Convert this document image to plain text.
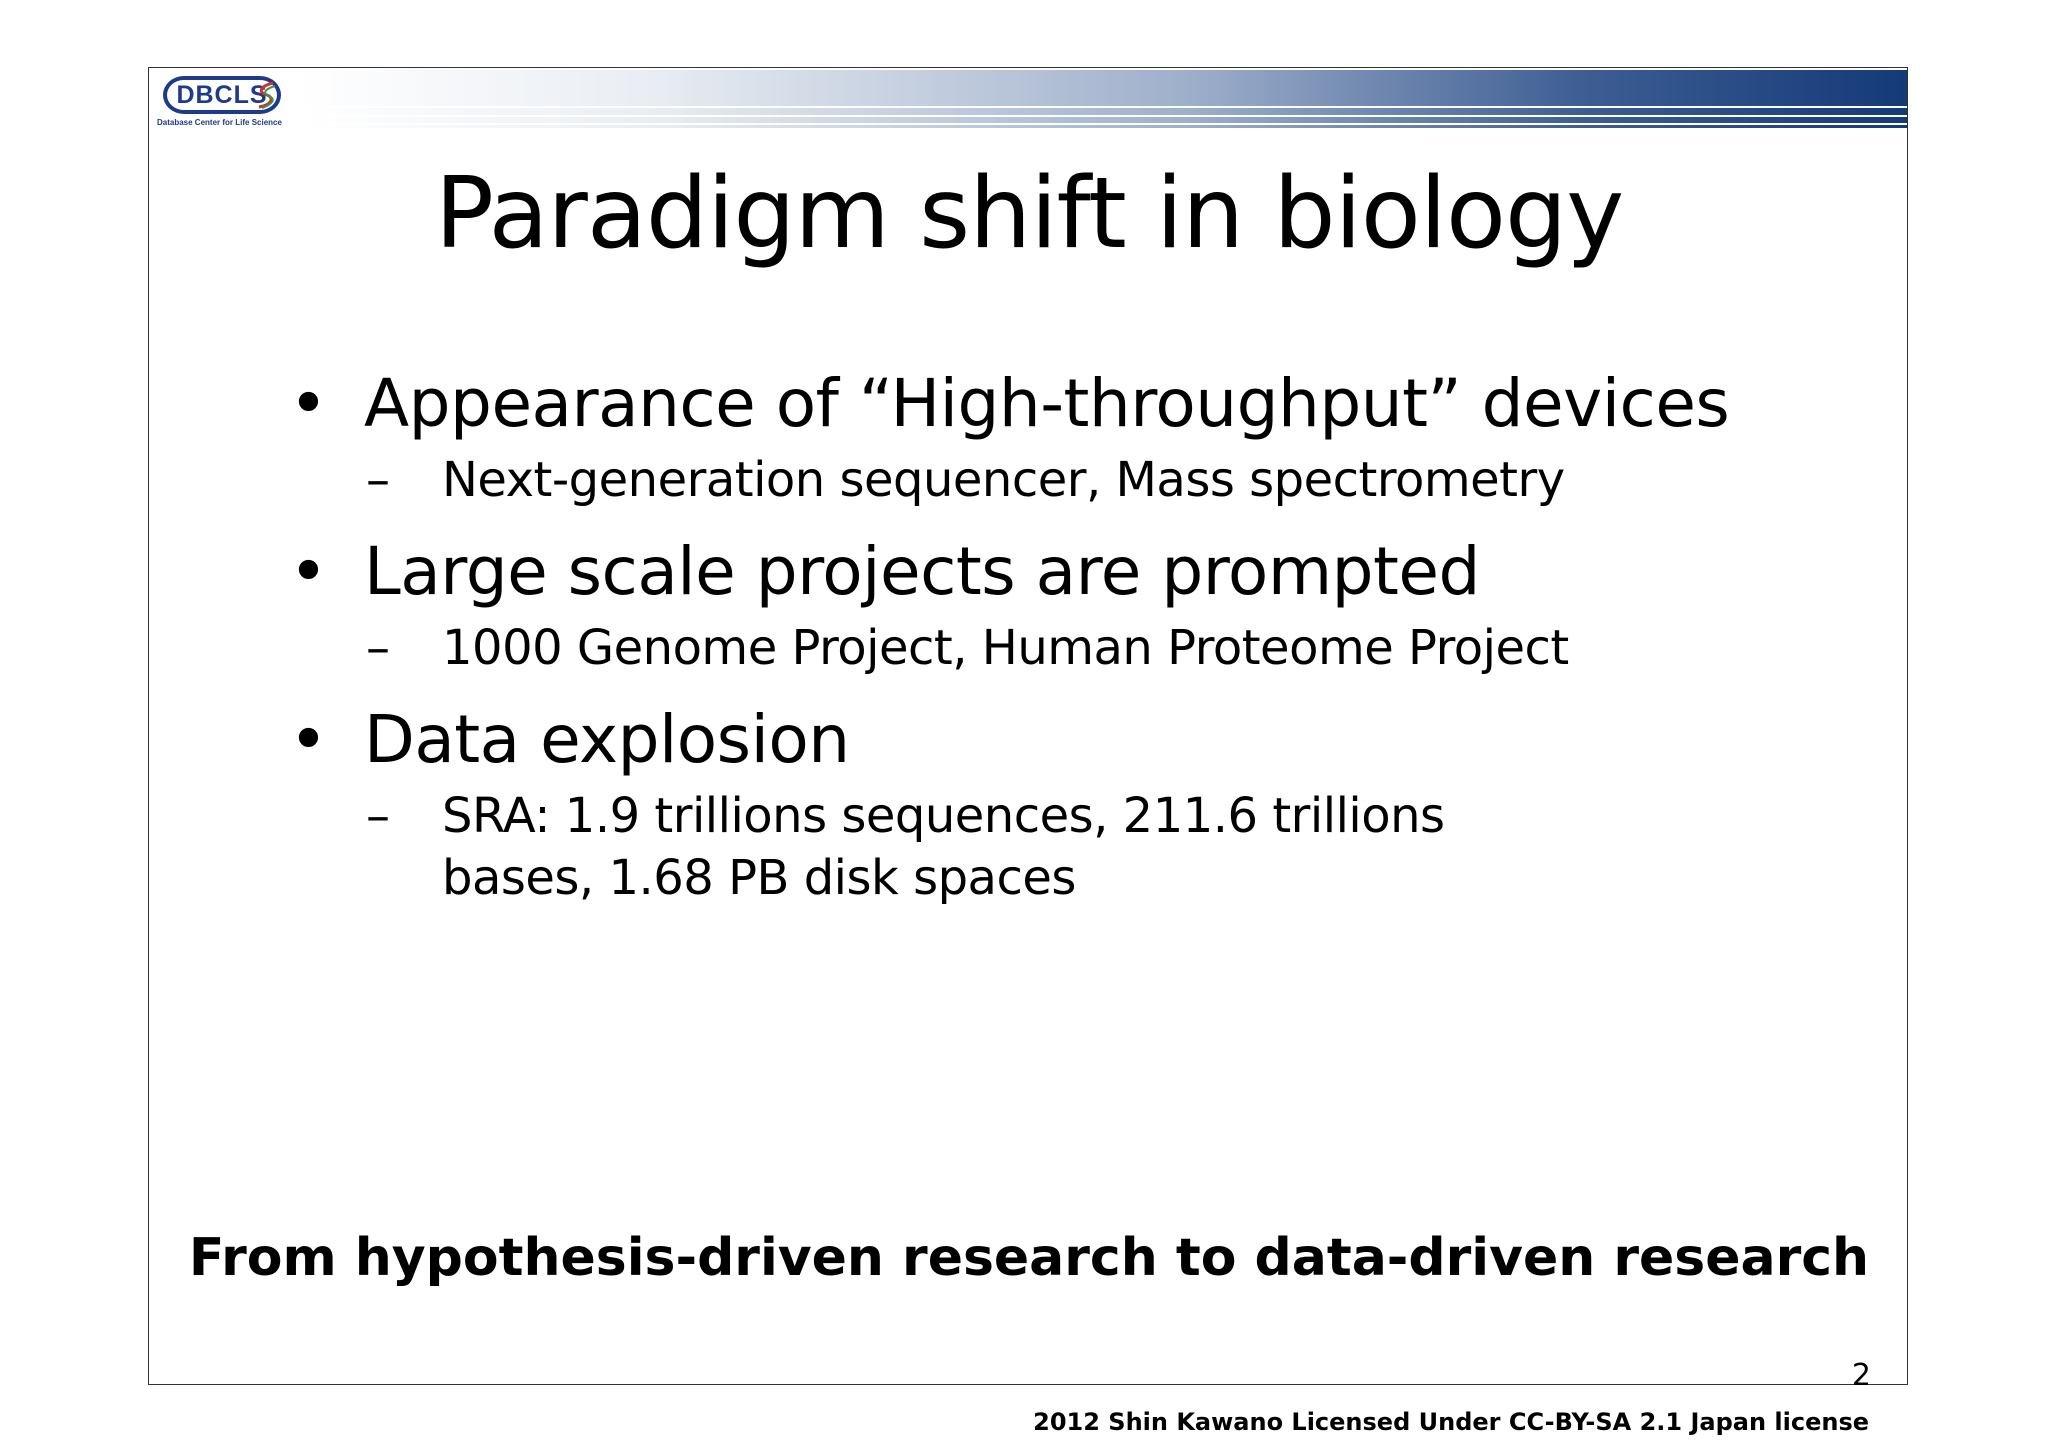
DBCLS
Database Center for Life Science
Paradigm shift in biology
• Appearance of “High-throughput” devices
– Next-generation sequencer, Mass spectrometry
• Large scale projects are prompted
– 1000 Genome Project, Human Proteome Project
• Data explosion
– SRA: 1.9 trillions sequences, 211.6 trillions bases, 1.68 PB disk spaces

From hypothesis-driven research to data-driven research

2
2012 Shin Kawano Licensed Under CC-BY-SA 2.1 Japan license
